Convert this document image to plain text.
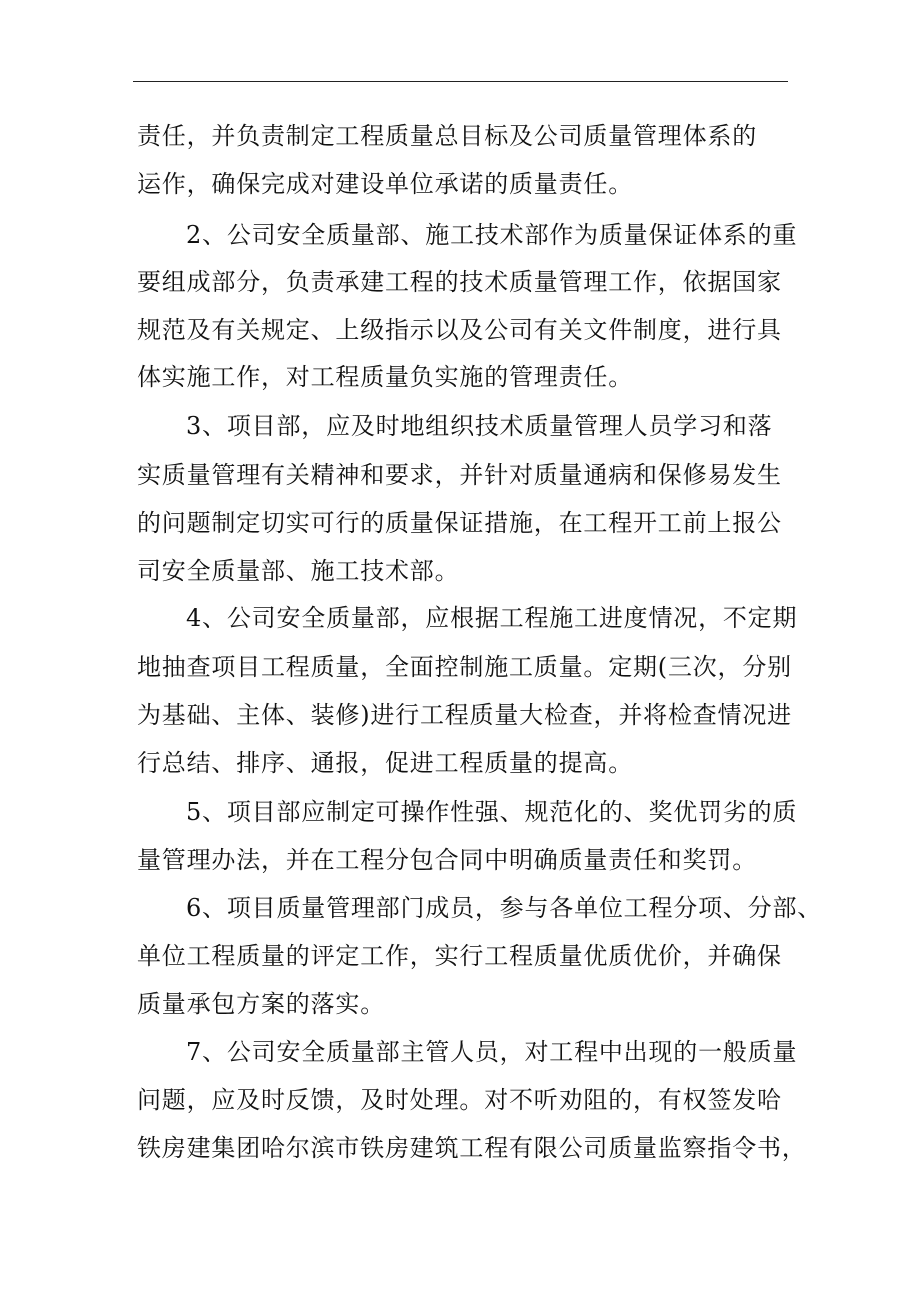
责任，并负责制定工程质量总目标及公司质量管理体系的
运作，确保完成对建设单位承诺的质量责任。
2、公司安全质量部、施工技术部作为质量保证体系的重
要组成部分，负责承建工程的技术质量管理工作，依据国家
规范及有关规定、上级指示以及公司有关文件制度，进行具
体实施工作，对工程质量负实施的管理责任。
3、项目部，应及时地组织技术质量管理人员学习和落
实质量管理有关精神和要求，并针对质量通病和保修易发生
的问题制定切实可行的质量保证措施，在工程开工前上报公
司安全质量部、施工技术部。
4、公司安全质量部，应根据工程施工进度情况，不定期
地抽查项目工程质量，全面控制施工质量。定期(三次，分别
为基础、主体、装修)进行工程质量大检查，并将检查情况进
行总结、排序、通报，促进工程质量的提高。
5、项目部应制定可操作性强、规范化的、奖优罚劣的质
量管理办法，并在工程分包合同中明确质量责任和奖罚。
6、项目质量管理部门成员，参与各单位工程分项、分部、
单位工程质量的评定工作，实行工程质量优质优价，并确保
质量承包方案的落实。
7、公司安全质量部主管人员，对工程中出现的一般质量
问题，应及时反馈，及时处理。对不听劝阻的，有权签发哈
铁房建集团哈尔滨市铁房建筑工程有限公司质量监察指令书，
